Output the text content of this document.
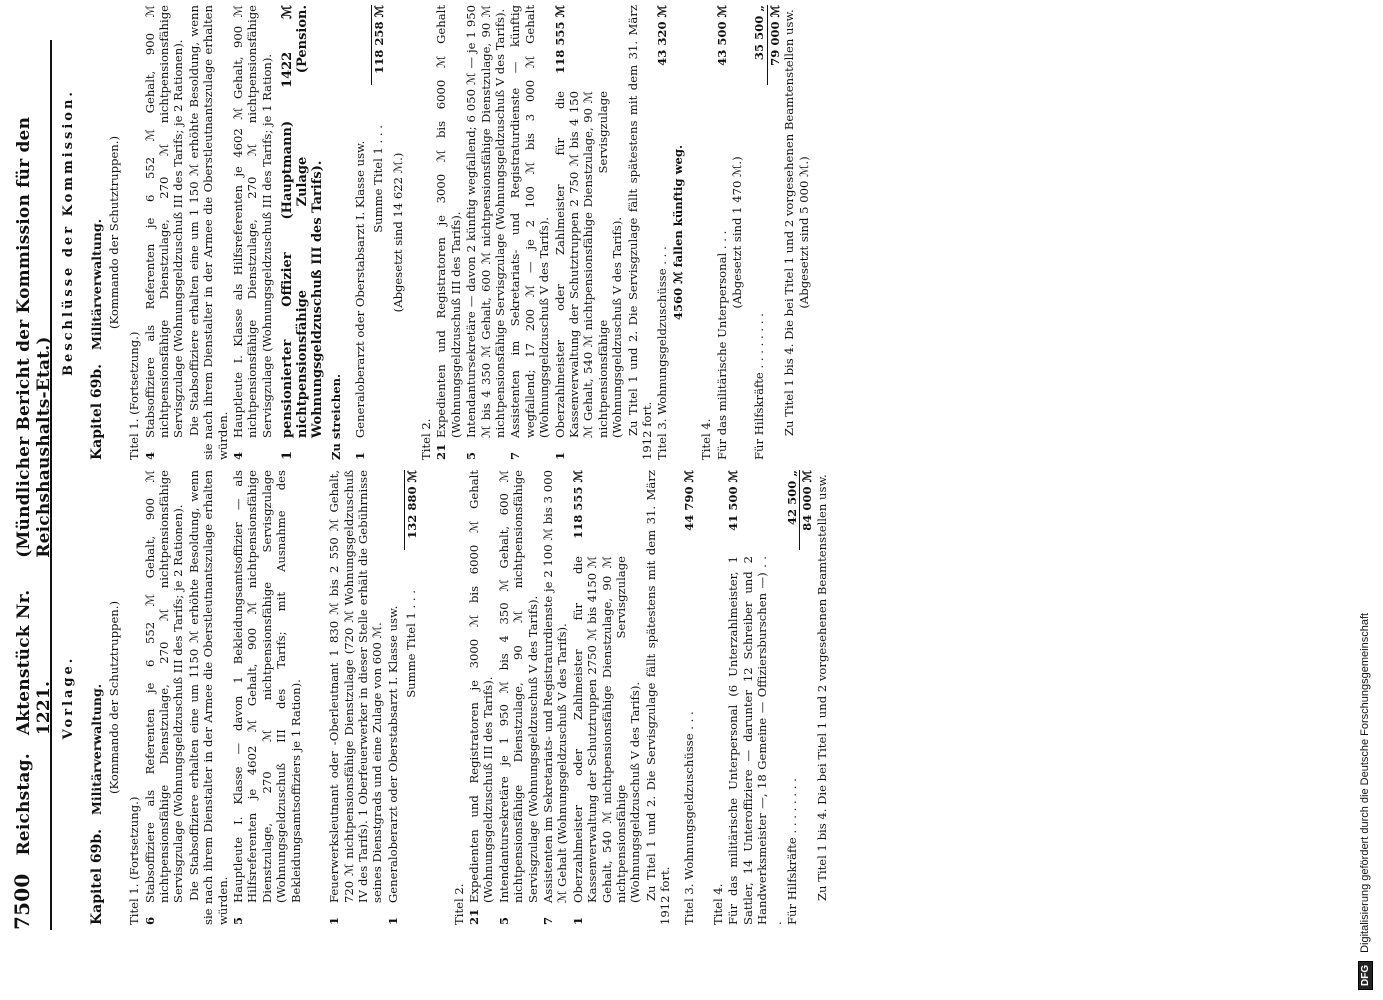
7500
Reichstag.
Aktenstück Nr. 1221.
(Mündlicher Bericht der Kommission für den Reichshaushalts-Etat.)
Vorlage.
Kapitel 69b.
Militärverwaltung. (Kommando der Schutztruppen.)
Titel 1. (Fortsetzung.) 6
Stabsoffiziere als Referenten je 6 552 ℳ Gehalt, 900 ℳ nichtpensionsfähige Dienstzulage, 270 ℳ nichtpensionsfähige Servisgzulage (Wohnungsgeldzuschuß III des Tarifs; je 2 Rationen). Die Stabsoffiziere erhalten eine um 1150 ℳ erhöhte Besoldung, wenn sie nach ihrem Dienstalter in der Armee die Oberstleutnantszulage erhalten würden. 5
Hauptleute I. Klasse — davon 1 Bekleidungsamtsoffizier — als Hilfsreferenten je 4602 ℳ Gehalt, 900 ℳ nichtpensionsfähige Dienstzulage, 270 ℳ nichtpensionsfähige Servisgzulage (Wohnungsgeldzuschuß III des Tarifs; mit Ausnahme des Bekleidungsamtsoffiziers je 1 Ration).
1
Feuerwerksleutnant oder -Oberleutnant 1 830 ℳ bis 2 550 ℳ Gehalt, 720 ℳ nichtpensionsfähige Dienstzulage (720 ℳ Wohnungsgeldzuschuß IV des Tarifs). 1 Oberfeuerwerker in dieser Stelle erhält die Gebührnisse seines Dienstgrads und eine Zulage von 600 ℳ.
1
Generaloberarzt oder Oberstabsarzt I. Klasse usw. Summe Titel 1 . . .
132 880 ℳ
Titel 2. 21
Expedienten und Registratoren je 3000 ℳ bis 6000 ℳ Gehalt (Wohnungsgeldzuschuß III des Tarifs).
5
Intendantursekretäre je 1 950 ℳ bis 4 350 ℳ Gehalt, 600 ℳ nichtpensionsfähige Dienstzulage, 90 ℳ nichtpensionsfähige Servisgzulage (Wohnungsgeldzuschuß V des Tarifs).
7
Assistenten im Sekretariats- und Registraturdienste je 2 100 ℳ bis 3 000 ℳ Gehalt (Wohnungsgeldzuschuß V des Tarifs).
1
Oberzahlmeister oder Zahlmeister für die Kassenverwaltung der Schutztruppen 2750 ℳ bis 4150 ℳ Gehalt, 540 ℳ nichtpensionsfähige Dienstzulage, 90 ℳ nichtpensionsfähige Servisgzulage (Wohnungsgeldzuschuß V des Tarifs).
118 555 ℳ	Zu Titel 1 und 2. Die Servisgzulage fällt spätestens mit dem 31. März 1912 fort. Titel 3. Wohnungsgeldzuschüsse . . .
44 790 ℳ
Titel 4. Für das militärische Unterpersonal (6 Unterzahlmeister, 1 Sattler, 14 Unteroffiziere — darunter 12 Schreiber und 2 Handwerksmeister —, 18 Gemeine — Offiziersburschen —) . . .
41 500 ℳ
Für Hilfskräfte . . . . . . . .
42 500 „ 84 000 ℳ Zu Titel 1 bis 4. Die bei Titel 1 und 2 vorgesehenen Beamtenstellen usw.

Beschlüsse der Kommission.
Kapitel 69b.
Militärverwaltung. (Kommando der Schutztruppen.)
Titel 1. (Fortsetzung.) 4
Stabsoffiziere als Referenten je 6 552 ℳ Gehalt, 900 ℳ nichtpensionsfähige Dienstzulage, 270 ℳ nichtpensionsfähige Servisgzulage (Wohnungsgeldzuschuß III des Tarifs; je 2 Rationen). Die Stabsoffiziere erhalten eine um 1 150 ℳ erhöhte Besoldung, wenn sie nach ihrem Dienstalter in der Armee die Oberstleutnantszulage erhalten würden. 4
Hauptleute I. Klasse als Hilfsreferenten je 4602 ℳ Gehalt, 900 ℳ nichtpensionsfähige Dienstzulage, 270 ℳ nichtpensionsfähige Servisgzulage (Wohnungsgeldzuschuß III des Tarifs; je 1 Ration).
1
pensionierter Offizier (Hauptmann) 1422 ℳ nichtpensionsfähige Zulage (Pension. Wohnungsgeldzuschuß III des Tarifs). Zu streichen. 1
Generaloberarzt oder Oberstabsarzt I. Klasse usw. Summe Titel 1 . . .
118 258 ℳ
(Abgesetzt sind 14 622 ℳ.)
Titel 2. 21
Expedienten und Registratoren je 3000 ℳ bis 6000 ℳ Gehalt (Wohnungsgeldzuschuß III des Tarifs).
5
Intendantursekretäre — davon 2 künftig wegfallend; 6 050 ℳ — je 1 950 ℳ bis 4 350 ℳ Gehalt, 600 ℳ nichtpensionsfähige Dienstzulage, 90 ℳ nichtpensionsfähige Servisgzulage (Wohnungsgeldzuschuß V des Tarifs).
7
Assistenten im Sekretariats- und Registraturdienste — künftig wegfallend; 17 200 ℳ — je 2 100 ℳ bis 3 000 ℳ Gehalt (Wohnungsgeldzuschuß V des Tarifs).
1
Oberzahlmeister oder Zahlmeister für die Kassenverwaltung der Schutztruppen 2 750 ℳ bis 4 150 ℳ Gehalt, 540 ℳ nichtpensionsfähige Dienstzulage, 90 ℳ nichtpensionsfähige Servisgzulage (Wohnungsgeldzuschuß V des Tarifs).
118 555 ℳ	Zu Titel 1 und 2. Die Servisgzulage fällt spätestens mit dem 31. März 1912 fort. Titel 3. Wohnungsgeldzuschüsse . . .
43 320 ℳ
4560 ℳ fallen künftig weg.
Titel 4. Für das militärische Unterpersonal . . .
43 500 ℳ
(Abgesetzt sind 1 470 ℳ.)
Für Hilfskräfte . . . . . . . .
35 500 „ 79 000 ℳ Zu Titel 1 bis 4. Die bei Titel 1 und 2 vorgesehenen Beamtenstellen usw. (Abgesetzt sind 5 000 ℳ.)
DFG
Digitalisierung gefördert durch die Deutsche Forschungsgemeinschaft
